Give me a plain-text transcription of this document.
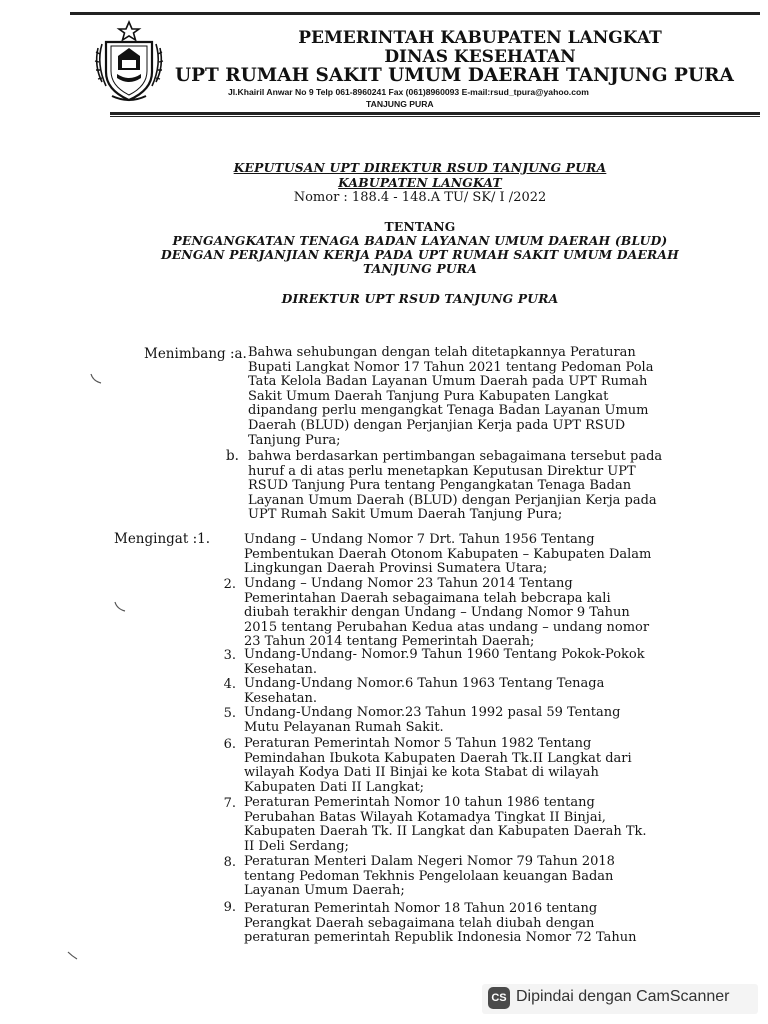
PEMERINTAH KABUPATEN LANGKAT
DINAS KESEHATAN
UPT RUMAH SAKIT UMUM DAERAH TANJUNG PURA
Jl.Khairil Anwar No 9 Telp 061-8960241 Fax (061)8960093 E-mail:rsud_tpura@yahoo.com
TANJUNG PURA
KEPUTUSAN UPT DIREKTUR RSUD TANJUNG PURA
KABUPATEN LANGKAT
Nomor : 188.4 - 148.A TU/ SK/ I /2022
TENTANG
PENGANGKATAN TENAGA BADAN LAYANAN UMUM DAERAH (BLUD)
DENGAN PERJANJIAN KERJA PADA UPT RUMAH SAKIT UMUM DAERAH
TANJUNG PURA
DIREKTUR UPT RSUD TANJUNG PURA
Menimbang :a. Bahwa sehubungan dengan telah ditetapkannya Peraturan
Bupati Langkat Nomor 17 Tahun 2021 tentang Pedoman Pola
Tata Kelola Badan Layanan Umum Daerah pada UPT Rumah
Sakit Umum Daerah Tanjung Pura Kabupaten Langkat
dipandang perlu mengangkat Tenaga Badan Layanan Umum
Daerah (BLUD) dengan Perjanjian Kerja pada UPT RSUD
Tanjung Pura;
b. bahwa berdasarkan pertimbangan sebagaimana tersebut pada
huruf a di atas perlu menetapkan Keputusan Direktur UPT
RSUD Tanjung Pura tentang Pengangkatan Tenaga Badan
Layanan Umum Daerah (BLUD) dengan Perjanjian Kerja pada
UPT Rumah Sakit Umum Daerah Tanjung Pura;
Mengingat :1.	Undang – Undang Nomor 7 Drt. Tahun 1956 Tentang
Pembentukan Daerah Otonom Kabupaten – Kabupaten Dalam
Lingkungan Daerah Provinsi Sumatera Utara;
2. Undang – Undang Nomor 23 Tahun 2014 Tentang
Pemerintahan Daerah sebagaimana telah bebcrapa kali
diubah terakhir dengan Undang – Undang Nomor 9 Tahun
2015 tentang Perubahan Kedua atas undang – undang nomor
23 Tahun 2014 tentang Pemerintah Daerah;
3. Undang-Undang- Nomor.9 Tahun 1960 Tentang Pokok-Pokok
Kesehatan.
4. Undang-Undang Nomor.6 Tahun 1963 Tentang Tenaga
Kesehatan.
5. Undang-Undang Nomor.23 Tahun 1992 pasal 59 Tentang
Mutu Pelayanan Rumah Sakit.
6. Peraturan Pemerintah Nomor 5 Tahun 1982 Tentang
Pemindahan Ibukota Kabupaten Daerah Tk.II Langkat dari
wilayah Kodya Dati II Binjai ke kota Stabat di wilayah
Kabupaten Dati II Langkat;
7. Peraturan Pemerintah Nomor 10 tahun 1986 tentang
Perubahan Batas Wilayah Kotamadya Tingkat II Binjai,
Kabupaten Daerah Tk. II Langkat dan Kabupaten Daerah Tk.
II Deli Serdang;
8. Peraturan Menteri Dalam Negeri Nomor 79 Tahun 2018
tentang Pedoman Tekhnis Pengelolaan keuangan Badan
Layanan Umum Daerah;
9. Peraturan Pemerintah Nomor 18 Tahun 2016 tentang
Perangkat Daerah sebagaimana telah diubah dengan
peraturan pemerintah Republik Indonesia Nomor 72 Tahun
CS Dipindai dengan CamScanner
